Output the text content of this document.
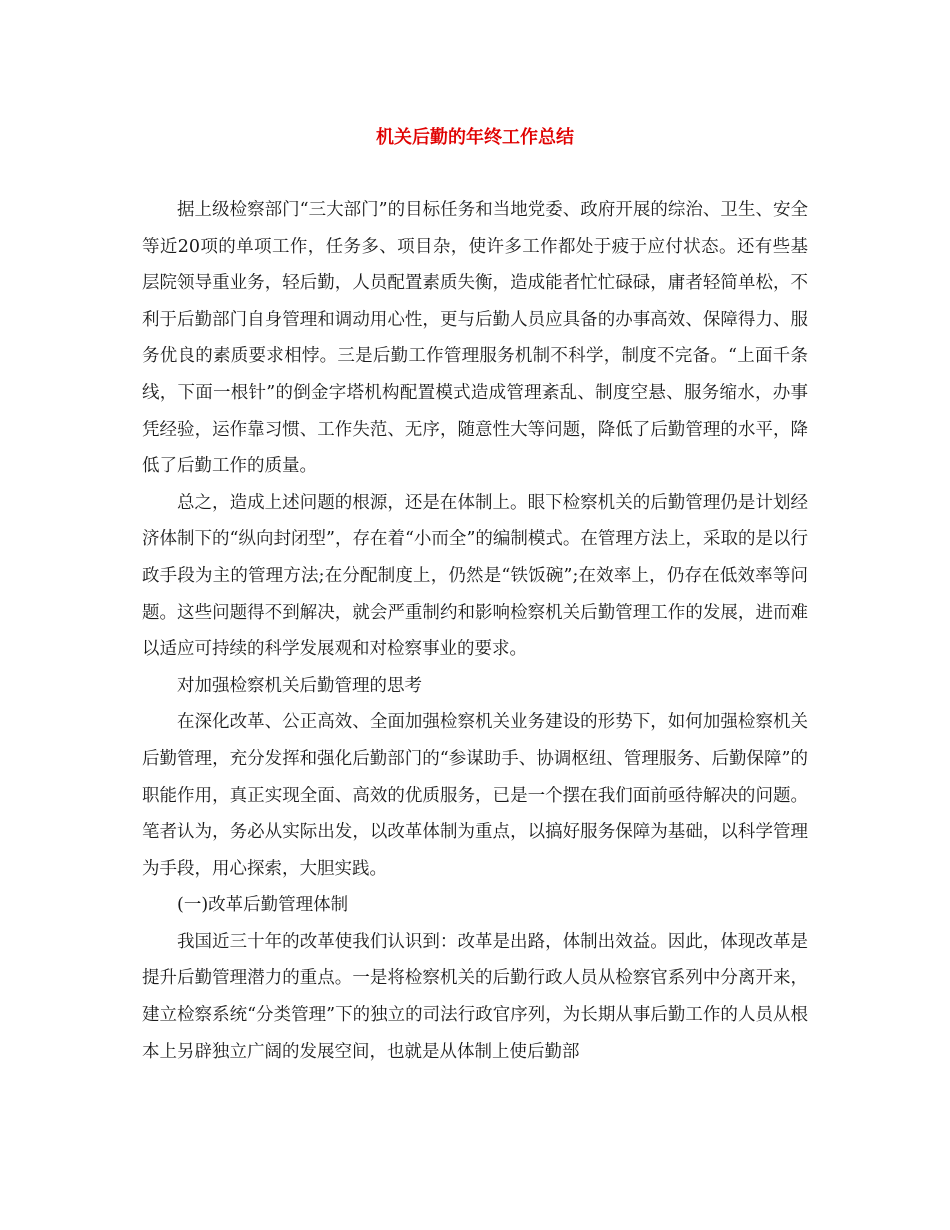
机关后勤的年终工作总结

据上级检察部门“三大部门”的目标任务和当地党委、政府开展的综治、卫生、安全等近20项的单项工作，任务多、项目杂，使许多工作都处于疲于应付状态。还有些基层院领导重业务，轻后勤，人员配置素质失衡，造成能者忙忙碌碌，庸者轻简单松，不利于后勤部门自身管理和调动用心性，更与后勤人员应具备的办事高效、保障得力、服务优良的素质要求相悖。三是后勤工作管理服务机制不科学，制度不完备。“上面千条线，下面一根针”的倒金字塔机构配置模式造成管理紊乱、制度空悬、服务缩水，办事凭经验，运作靠习惯、工作失范、无序，随意性大等问题，降低了后勤管理的水平，降低了后勤工作的质量。

总之，造成上述问题的根源，还是在体制上。眼下检察机关的后勤管理仍是计划经济体制下的“纵向封闭型”，存在着“小而全”的编制模式。在管理方法上，采取的是以行政手段为主的管理方法;在分配制度上，仍然是“铁饭碗”;在效率上，仍存在低效率等问题。这些问题得不到解决，就会严重制约和影响检察机关后勤管理工作的发展，进而难以适应可持续的科学发展观和对检察事业的要求。

对加强检察机关后勤管理的思考

在深化改革、公正高效、全面加强检察机关业务建设的形势下，如何加强检察机关后勤管理，充分发挥和强化后勤部门的“参谋助手、协调枢纽、管理服务、后勤保障”的职能作用，真正实现全面、高效的优质服务，已是一个摆在我们面前亟待解决的问题。笔者认为，务必从实际出发，以改革体制为重点，以搞好服务保障为基础，以科学管理为手段，用心探索，大胆实践。

(一)改革后勤管理体制

我国近三十年的改革使我们认识到：改革是出路，体制出效益。因此，体现改革是提升后勤管理潜力的重点。一是将检察机关的后勤行政人员从检察官系列中分离开来，建立检察系统“分类管理”下的独立的司法行政官序列，为长期从事后勤工作的人员从根本上另辟独立广阔的发展空间，也就是从体制上使后勤部
